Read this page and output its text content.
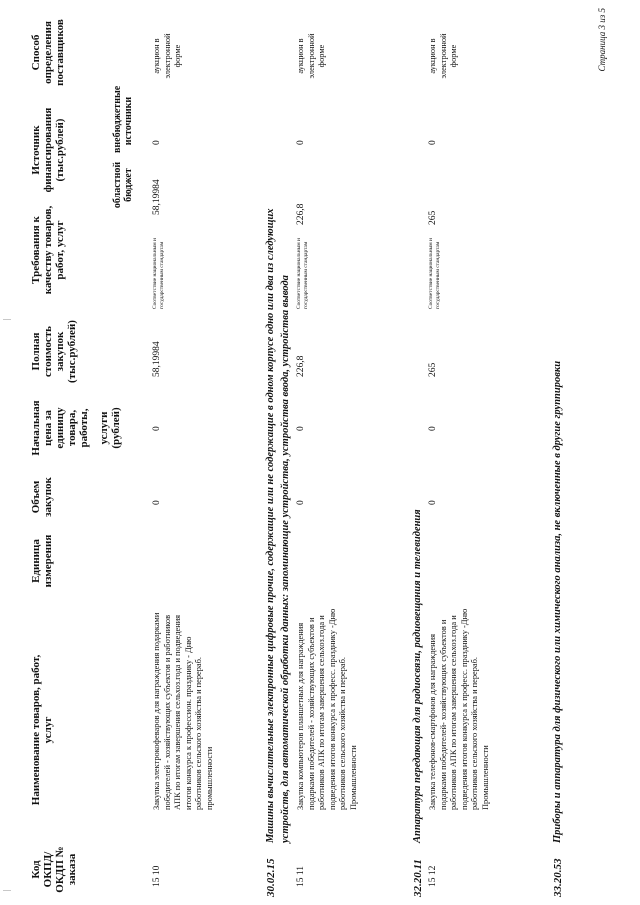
Код ОКПД/ ОКДП № заказа
Наименование товаров, работ, услуг
Единица измерения
Объем закупок
Начальная цена за единицу товара, работы, услуги (рублей)
Полная стоимость закупок (тыс.рублей)
Требования к качеству товаров, работ, услуг
Источник финансирования (тыс.рублей)
областной бюджет
внебюджетные источники
Способ определения поставщиков
15 10
Закупка электрокофеваров для награждения подарками победителей - хозяйствующих субъектов и работников АПК по итогам завершения сельхоз.года и подведения итогов конкурса к профессион. празднику - Дню работников сельского хозяйства и перераб. промышленности
0
0
58,19984
Соответствие национальным и государственным стандартам
58,19984
0
аукцион в электронной форме
30.02.15
Машины вычислительные электронные цифровые прочие, содержащие или не содержащие в одном корпусе одно или два из следующих устройств, для автоматической обработки данных: запоминающие устройства, устройства ввода, устройства вывода
15 11
Закупка компьютеров планшетных для награждения подарками победителей - хозяйствующих субъектов и работников АПК по итогам завершения сельхоз.года и подведения итогов конкурса к професс. празднику -Дню работников сельского хозяйства и перераб. Промышленности
0
0
226,8
Соответствие национальным и государственным стандартам
226,8
0
аукцион в электронной форме
32.20.11
Аппаратура передающая для радиосвязи, радиовещания и телевидения
15 12
Закупка телефонов-смартфонов для награждения подарками победителей- хозяйствующих субъектов и работников АПК по итогам завершения сельхоз.года и подведения итогов конкурса к професс. празднику -Дню работников сельского хозяйства и перераб. Промышленности
0
0
265
Соответствие национальным и государственным стандартам
265
0
аукцион в электронной форме
33.20.53
Приборы и аппаратура для физического или химического анализа, не включенные в другие группировки
Страница 3 из 5
|
|
